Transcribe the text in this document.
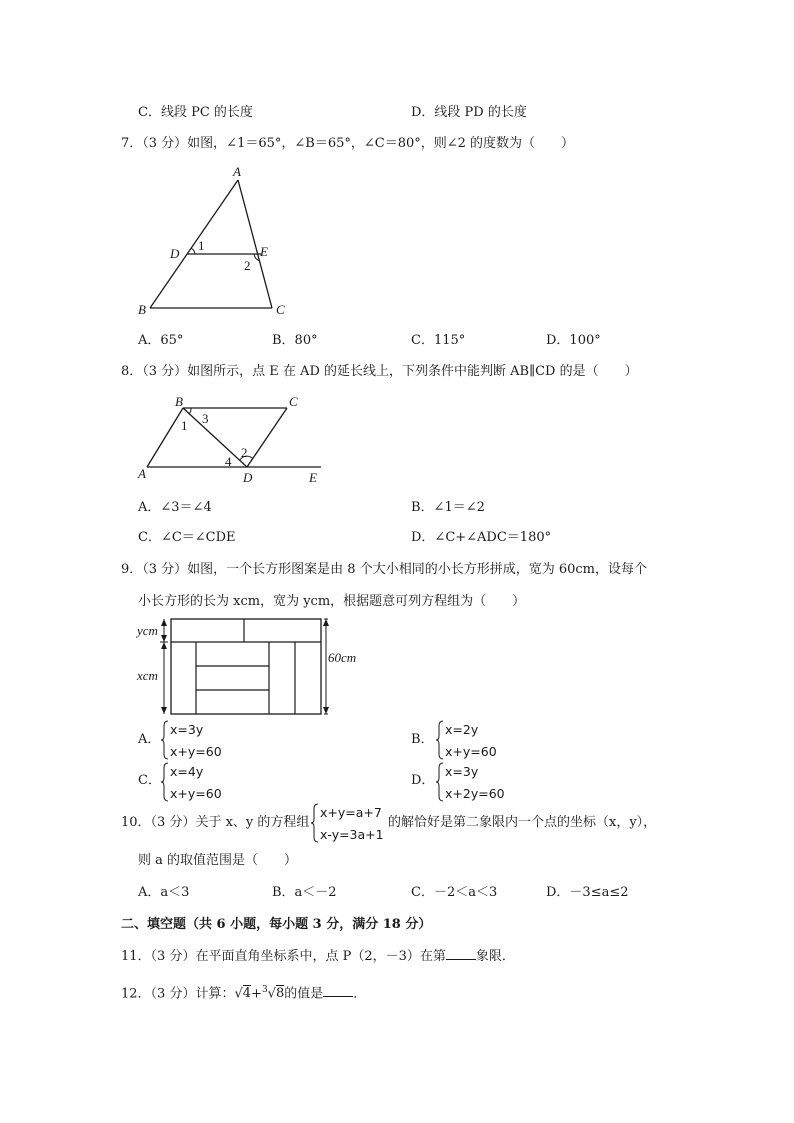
C．线段 PC 的长度	D．线段 PD 的长度
7．（3 分）如图，∠1＝65°，∠B＝65°，∠C＝80°，则∠2 的度数为（　　）
A
D	E
B	C
1
2
A．65°	B．80°	C．115°	D．100°
8．（3 分）如图所示，点 E 在 AD 的延长线上，下列条件中能判断 AB∥CD 的是（　　）
B	C
A	D	E
1 3
2
4
A．∠3＝∠4	B．∠1＝∠2
C．∠C＝∠CDE	D．∠C+∠ADC＝180°
9．（3 分）如图，一个长方形图案是由 8 个大小相同的小长方形拼成，宽为 60cm，设每个
小长方形的长为 xcm，宽为 ycm，根据题意可列方程组为（　　）
ycm
xcm
60cm
A．
x=3y
x+y=60
B．
x=2y
x+y=60
C．
x=4y
x+y=60
D．
x=3y
x+2y=60
10．（3 分）关于 x、y 的方程组
x+y=a+7
x-y=3a+1
的解恰好是第二象限内一个点的坐标（x，y），
则 a 的取值范围是（　　）
A．a＜3	B．a＜－2	C．－2＜a＜3	D．－3≤a≤2
二、填空题（共 6 小题，每小题 3 分，满分 18 分）
11．（3 分）在平面直角坐标系中，点 P（2，－3）在第 象限．
12．（3 分）计算：√4+$^3$√8的值是 ．
